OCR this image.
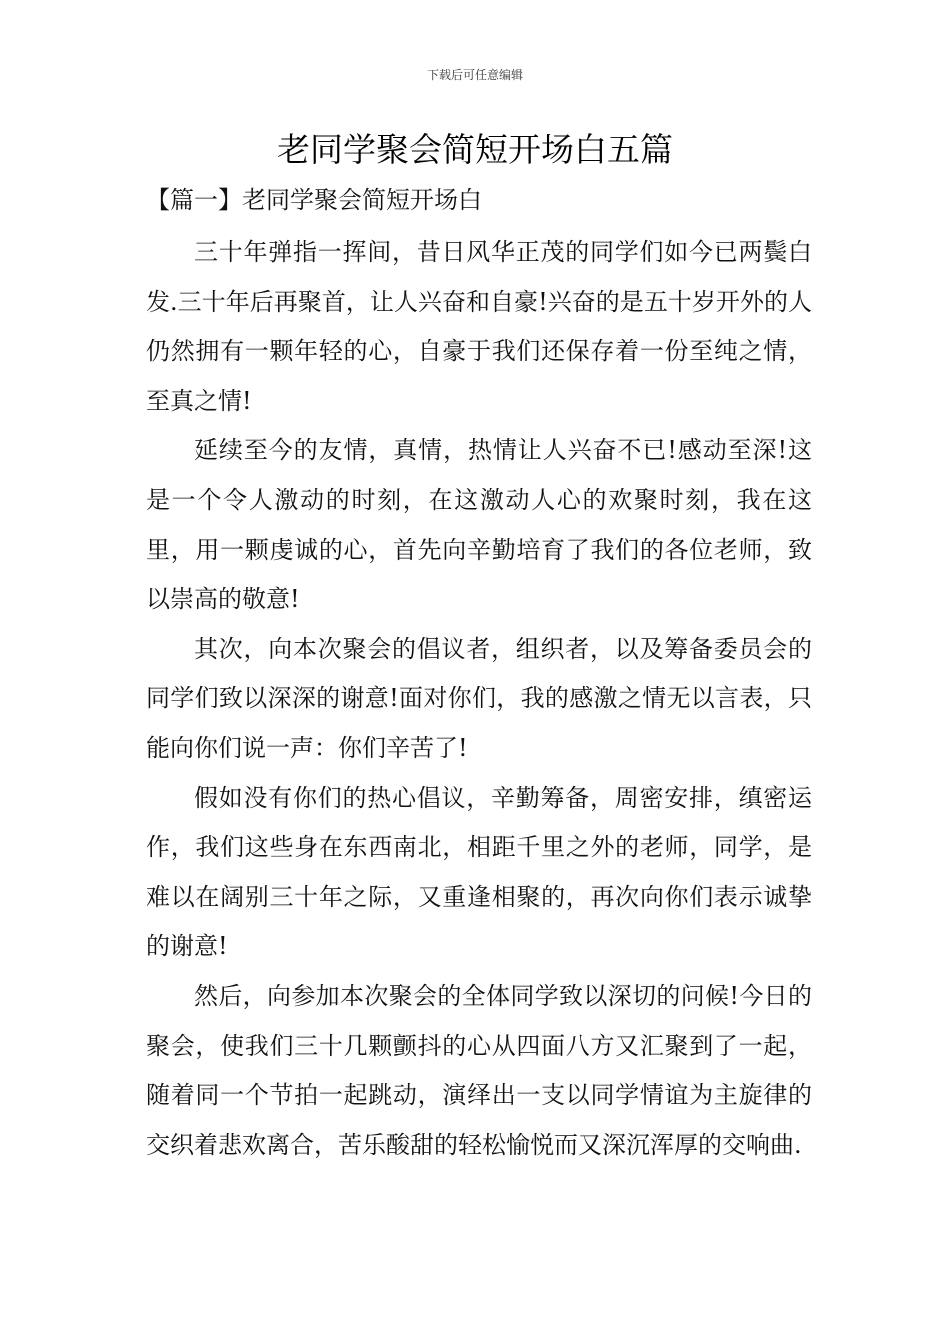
下载后可任意编辑
老同学聚会简短开场白五篇
【篇一】老同学聚会简短开场白

三十年弹指一挥间，昔日风华正茂的同学们如今已两鬓白发.三十年后再聚首，让人兴奋和自豪!兴奋的是五十岁开外的人仍然拥有一颗年轻的心，自豪于我们还保存着一份至纯之情，至真之情!

延续至今的友情，真情，热情让人兴奋不已!感动至深!这是一个令人激动的时刻，在这激动人心的欢聚时刻，我在这里，用一颗虔诚的心，首先向辛勤培育了我们的各位老师，致以崇高的敬意!

其次，向本次聚会的倡议者，组织者，以及筹备委员会的同学们致以深深的谢意!面对你们，我的感激之情无以言表，只能向你们说一声：你们辛苦了!

假如没有你们的热心倡议，辛勤筹备，周密安排，缜密运作，我们这些身在东西南北，相距千里之外的老师，同学，是难以在阔别三十年之际，又重逢相聚的，再次向你们表示诚挚的谢意!

然后，向参加本次聚会的全体同学致以深切的问候!今日的聚会，使我们三十几颗颤抖的心从四面八方又汇聚到了一起，随着同一个节拍一起跳动，演绎出一支以同学情谊为主旋律的交织着悲欢离合，苦乐酸甜的轻松愉悦而又深沉浑厚的交响曲.
